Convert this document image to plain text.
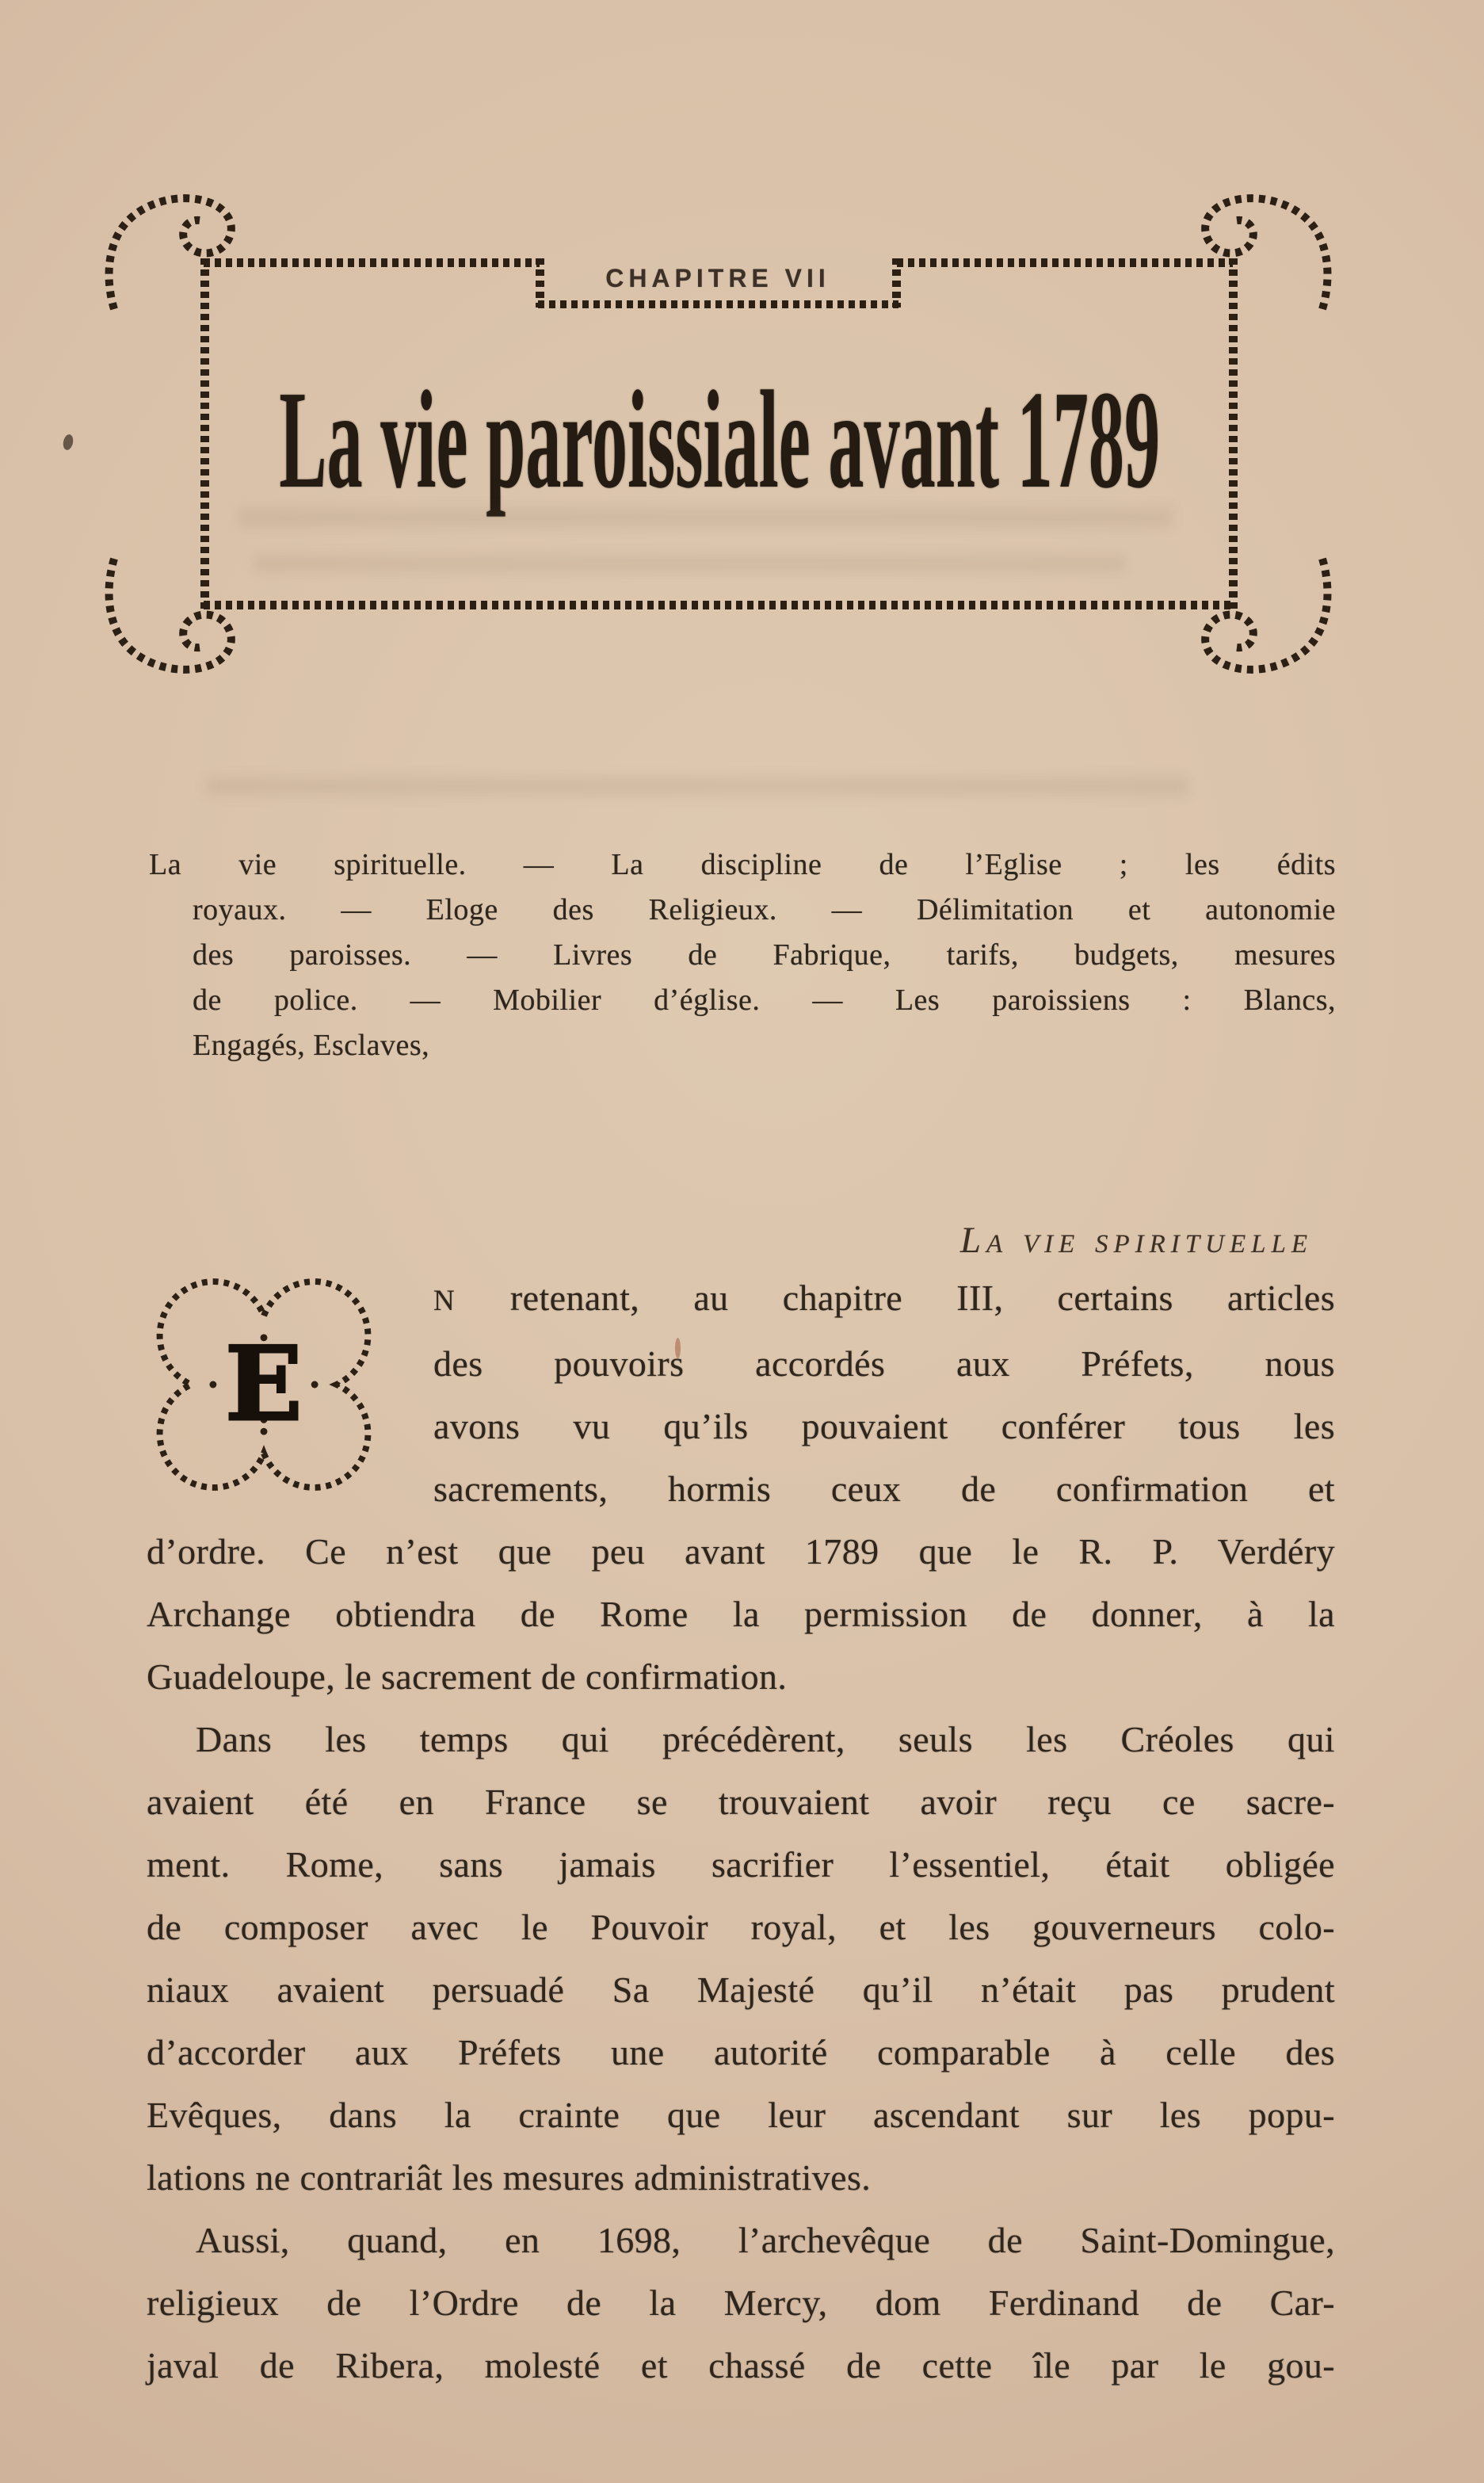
CHAPITRE VII
La vie paroissiale avant 1789
La vie spirituelle. — La discipline de l’Eglise ; les édits
royaux. — Eloge des Religieux. — Délimitation et autonomie
des paroisses. — Livres de Fabrique, tarifs, budgets, mesures
de police. — Mobilier d’église. — Les paroissiens : Blancs,
Engagés, Esclaves,
La vie spirituelle
E
N retenant, au chapitre III, certains articles
des pouvoirs accordés aux Préfets, nous
avons vu qu’ils pouvaient conférer tous les
sacrements, hormis ceux de confirmation et
d’ordre. Ce n’est que peu avant 1789 que le R. P. Verdéry
Archange obtiendra de Rome la permission de donner, à la
Guadeloupe, le sacrement de confirmation.
Dans les temps qui précédèrent, seuls les Créoles qui
avaient été en France se trouvaient avoir reçu ce sacre-
ment. Rome, sans jamais sacrifier l’essentiel, était obligée
de composer avec le Pouvoir royal, et les gouverneurs colo-
niaux avaient persuadé Sa Majesté qu’il n’était pas prudent
d’accorder aux Préfets une autorité comparable à celle des
Evêques, dans la crainte que leur ascendant sur les popu-
lations ne contrariât les mesures administratives.
Aussi, quand, en 1698, l’archevêque de Saint-Domingue,
religieux de l’Ordre de la Mercy, dom Ferdinand de Car-
javal de Ribera, molesté et chassé de cette île par le gou-
